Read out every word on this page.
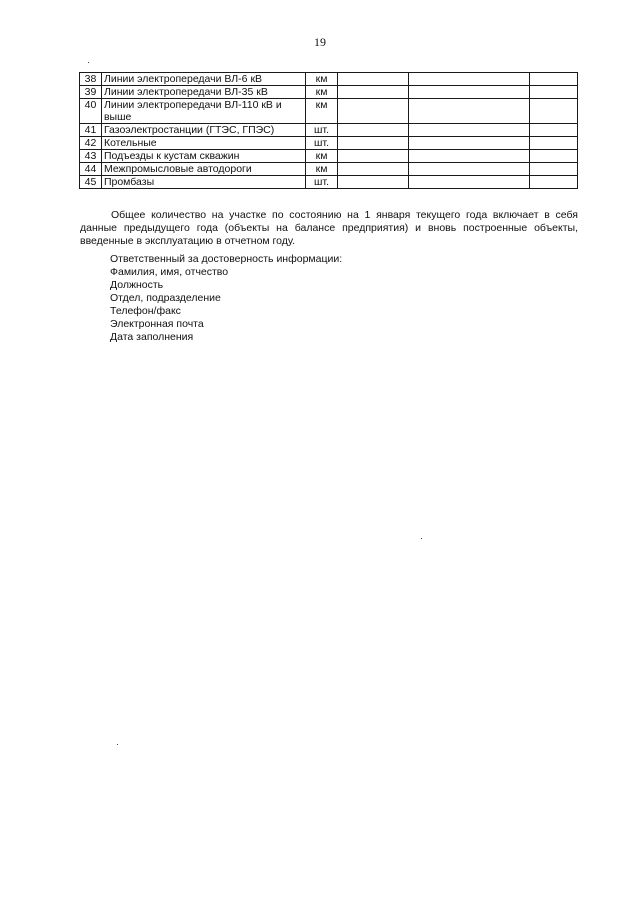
19
38	Линии электропередачи ВЛ-6 кВ	км			
39	Линии электропередачи ВЛ-35 кВ	км			
40	Линии электропередачи ВЛ-110 кВ и выше	км			
41	Газоэлектростанции (ГТЭС, ГПЭС)	шт.			
42	Котельные	шт.			
43	Подъезды к кустам скважин	км			
44	Межпромысловые автодороги	км			
45	Промбазы	шт.			

Общее количество на участке по состоянию на 1 января текущего года включает в себя данные предыдущего года (объекты на балансе предприятия) и вновь построенные объекты, введенные в эксплуатацию в отчетном году.

Ответственный за достоверность информации:
Фамилия, имя, отчество
Должность
Отдел, подразделение
Телефон/факс
Электронная почта
Дата заполнения
